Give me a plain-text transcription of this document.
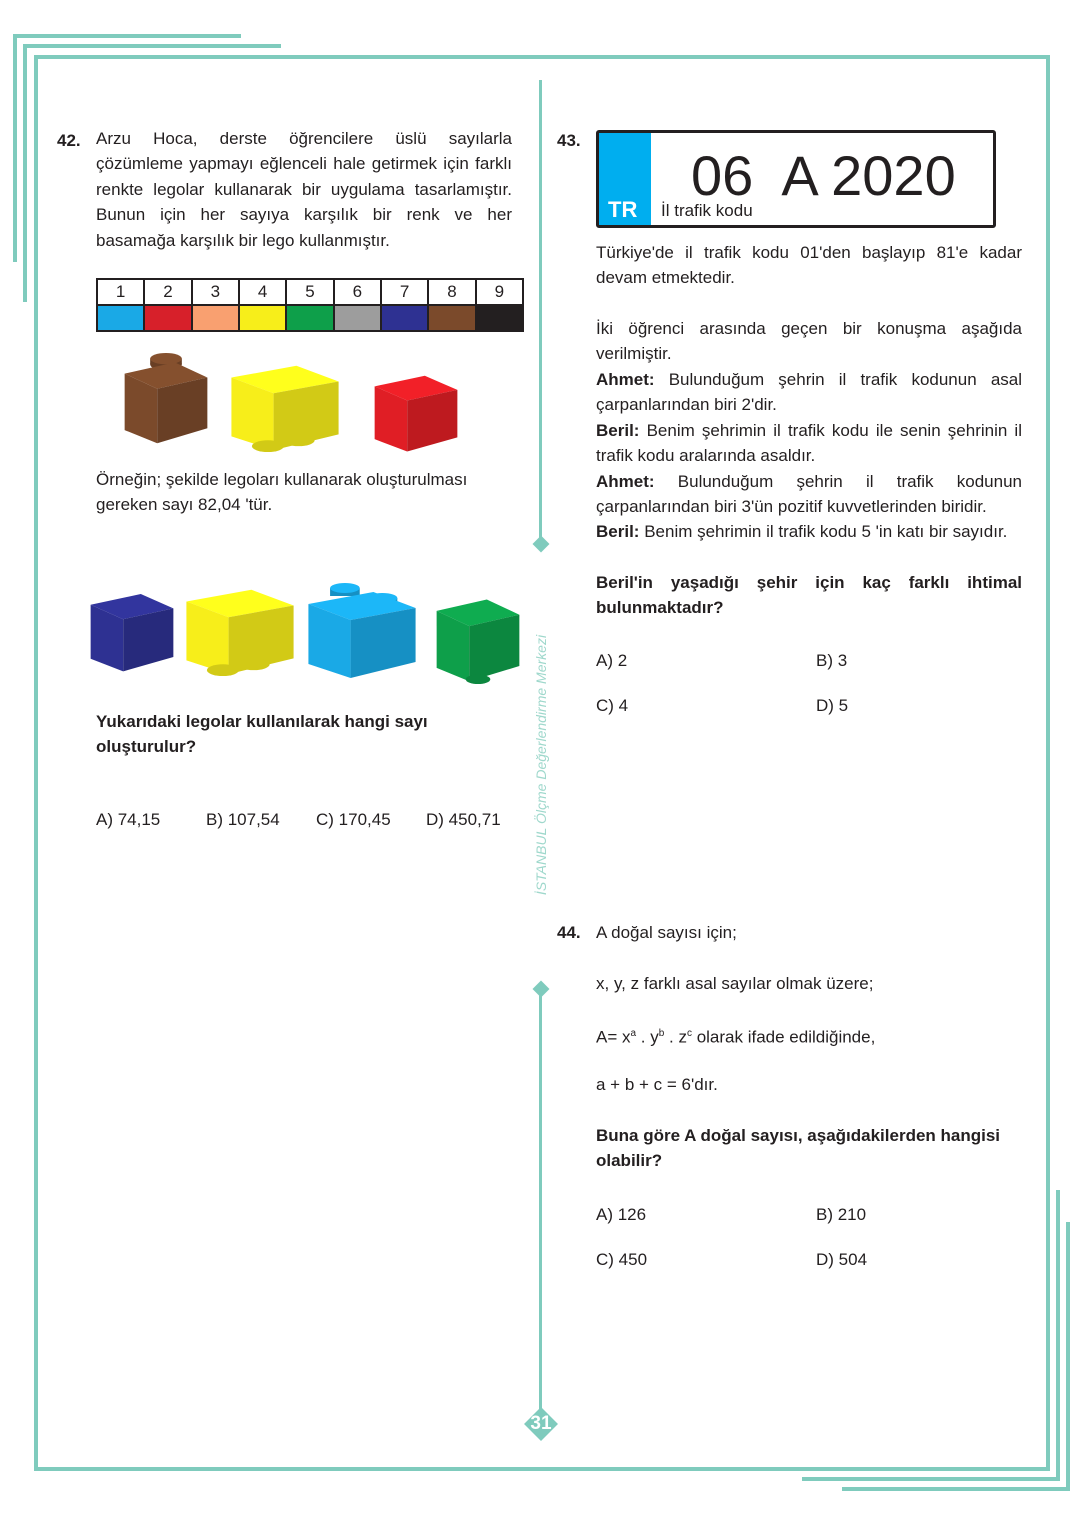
İSTANBUL Ölçme Değerlendirme Merkezi
31
42. Arzu Hoca, derste öğrencilere üslü sayılarla çözümleme yapmayı eğlenceli hale getirmek için farklı renkte legolar kullanarak bir uygulama tasarlamıştır. Bunun için her sayıya karşılık bir renk ve her basamağa karşılık bir lego kullanmıştır.
1	2	3	4	5	6	7	8	9

Örneğin; şekilde legoları kullanarak oluşturulması gereken sayı 82,04 'tür.
Yukarıdaki legolar kullanılarak hangi sayı oluşturulur?
A) 74,15	B) 107,54 C) 170,45 D) 450,71
43.
TR
06  A 2020
İl trafik kodu
Türkiye'de il trafik kodu 01'den başlayıp 81'e kadar devam etmektedir.
İki öğrenci arasında geçen bir konuşma aşağıda verilmiştir.
Ahmet: Bulunduğum şehrin il trafik kodunun asal çarpanlarından biri 2'dir.
Beril: Benim şehrimin il trafik kodu ile senin şehrinin il trafik kodu aralarında asaldır.
Ahmet: Bulunduğum şehrin il trafik kodunun çarpanlarından biri 3'ün pozitif kuvvetlerinden biridir.
Beril: Benim şehrimin il trafik kodu 5 'in katı bir sayıdır.
Beril'in yaşadığı şehir için kaç farklı ihtimal bulunmaktadır?
A) 2	B) 3
C) 4	D) 5
44. A doğal sayısı için;
x, y, z farklı asal sayılar olmak üzere;
$A= x^a$ . $y^b$ . $z^c$ olarak ifade edildiğinde,
a + b + c = 6'dır.
Buna göre A doğal sayısı, aşağıdakilerden hangisi olabilir?
A) 126	B) 210
C) 450	D) 504
